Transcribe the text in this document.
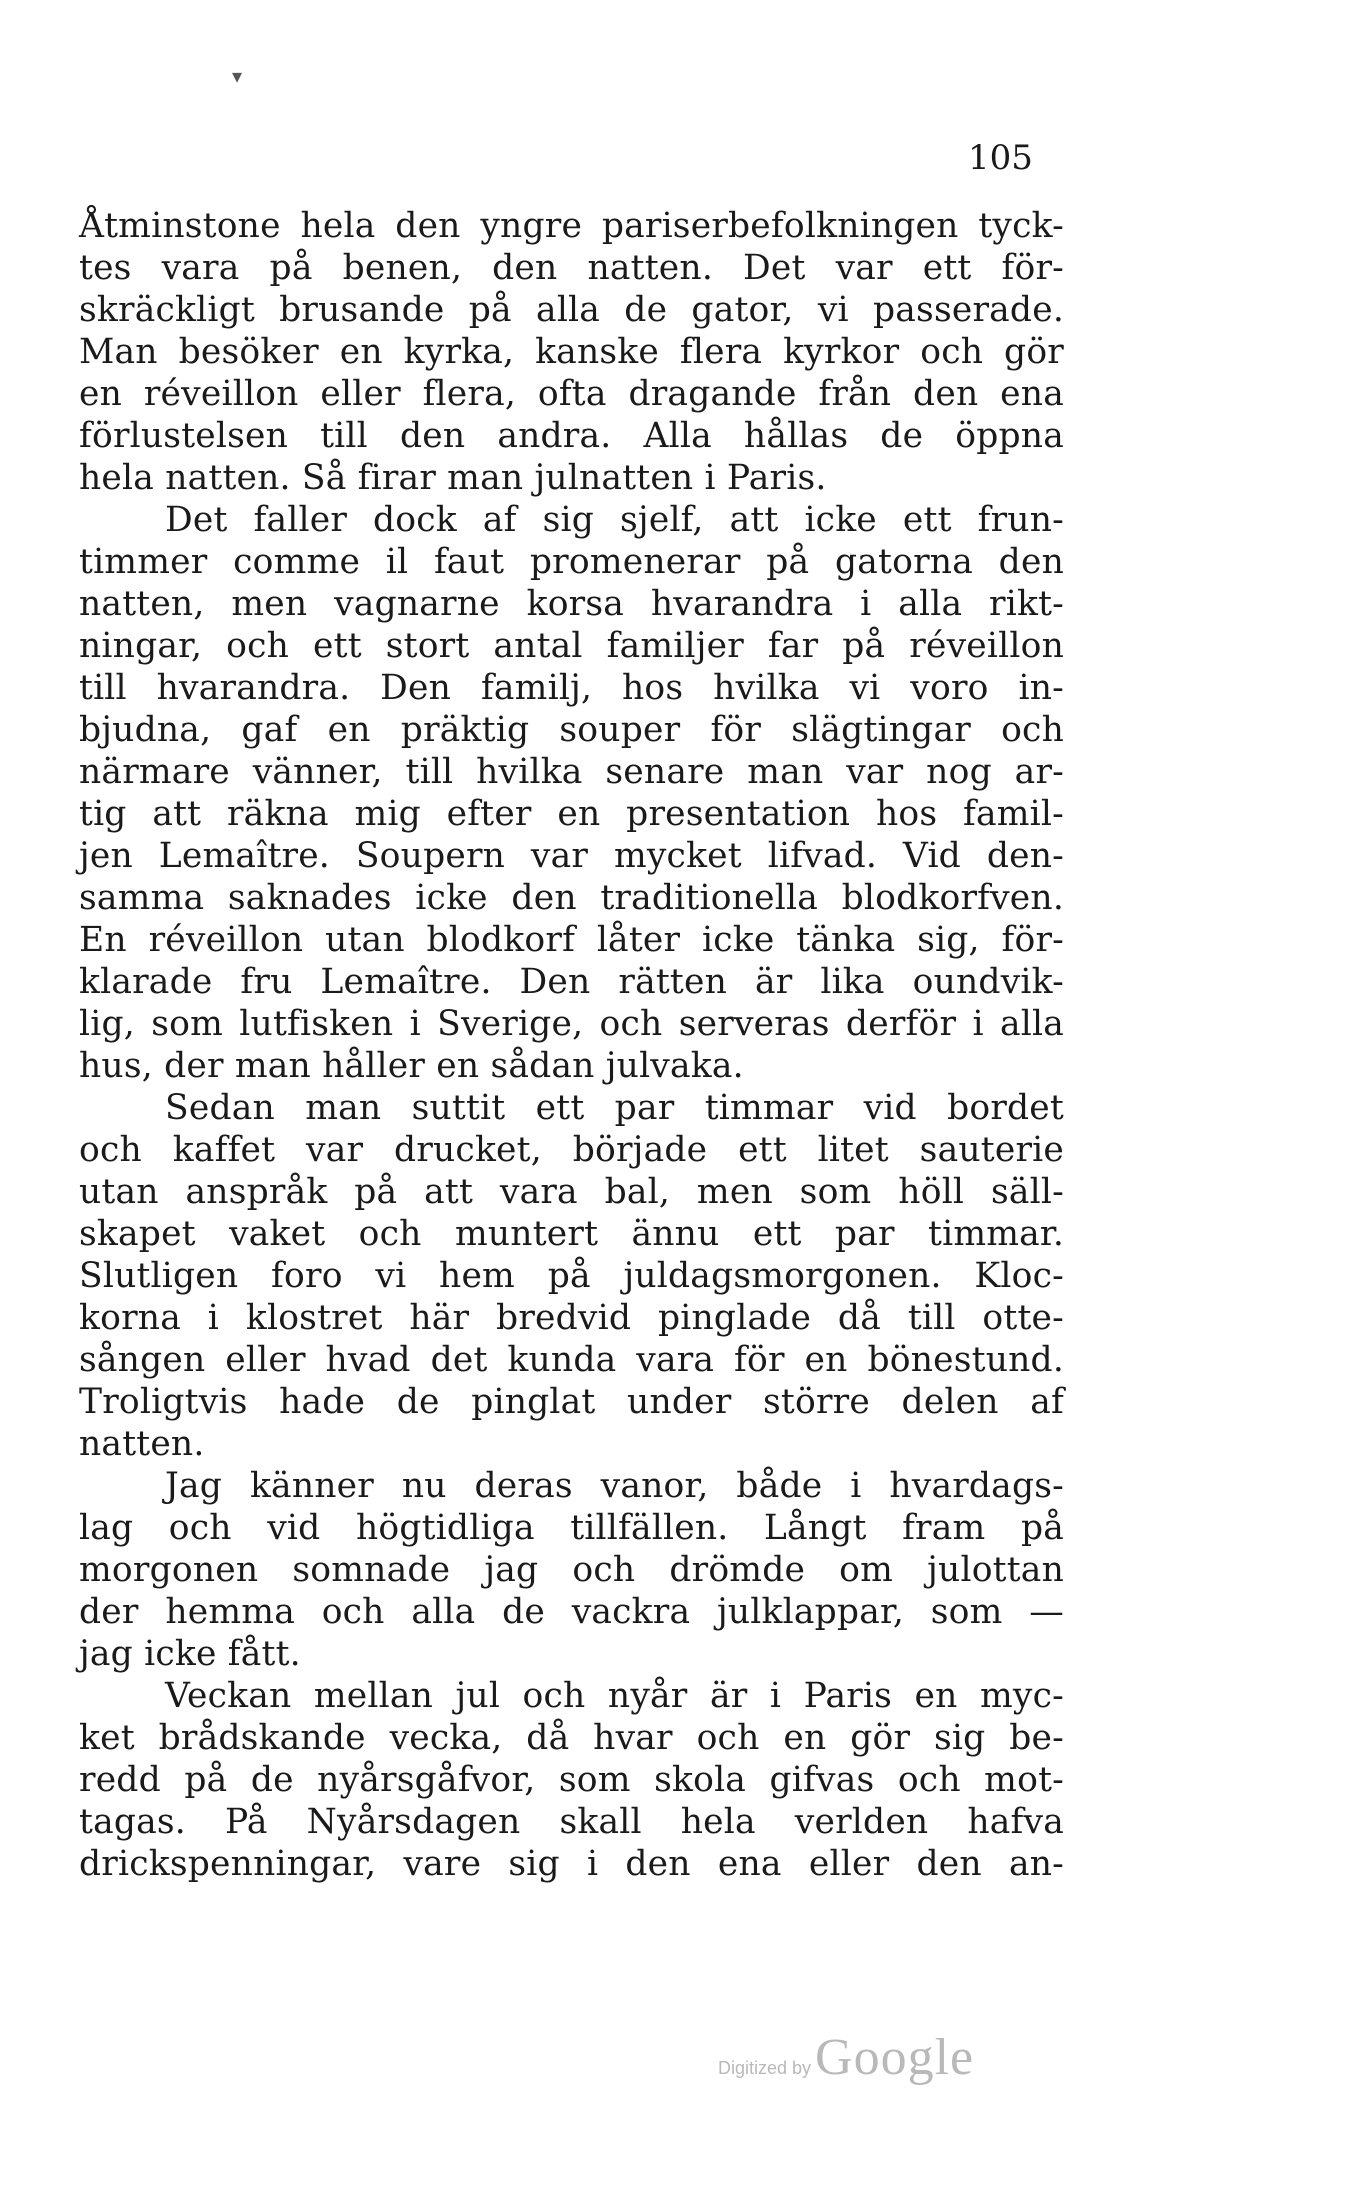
▾
105
Åtminstone hela den yngre pariserbefolkningen tyck-
tes vara på benen, den natten. Det var ett för-
skräckligt brusande på alla de gator, vi passerade.
Man besöker en kyrka, kanske flera kyrkor och gör
en réveillon eller flera, ofta dragande från den ena
förlustelsen till den andra. Alla hållas de öppna
hela natten. Så firar man julnatten i Paris.
Det faller dock af sig sjelf, att icke ett frun-
timmer comme il faut promenerar på gatorna den
natten, men vagnarne korsa hvarandra i alla rikt-
ningar, och ett stort antal familjer far på réveillon
till hvarandra. Den familj, hos hvilka vi voro in-
bjudna, gaf en präktig souper för slägtingar och
närmare vänner, till hvilka senare man var nog ar-
tig att räkna mig efter en presentation hos famil-
jen Lemaître. Soupern var mycket lifvad. Vid den-
samma saknades icke den traditionella blodkorfven.
En réveillon utan blodkorf låter icke tänka sig, för-
klarade fru Lemaître. Den rätten är lika oundvik-
lig, som lutfisken i Sverige, och serveras derför i alla
hus, der man håller en sådan julvaka.
Sedan man suttit ett par timmar vid bordet
och kaffet var drucket, började ett litet sauterie
utan anspråk på att vara bal, men som höll säll-
skapet vaket och muntert ännu ett par timmar.
Slutligen foro vi hem på juldagsmorgonen. Kloc-
korna i klostret här bredvid pinglade då till otte-
sången eller hvad det kunda vara för en bönestund.
Troligtvis hade de pinglat under större delen af
natten.
Jag känner nu deras vanor, både i hvardags-
lag och vid högtidliga tillfällen. Långt fram på
morgonen somnade jag och drömde om julottan
der hemma och alla de vackra julklappar, som —
jag icke fått.
Veckan mellan jul och nyår är i Paris en myc-
ket brådskande vecka, då hvar och en gör sig be-
redd på de nyårsgåfvor, som skola gifvas och mot-
tagas. På Nyårsdagen skall hela verlden hafva
drickspenningar, vare sig i den ena eller den an-
Digitized by Google
